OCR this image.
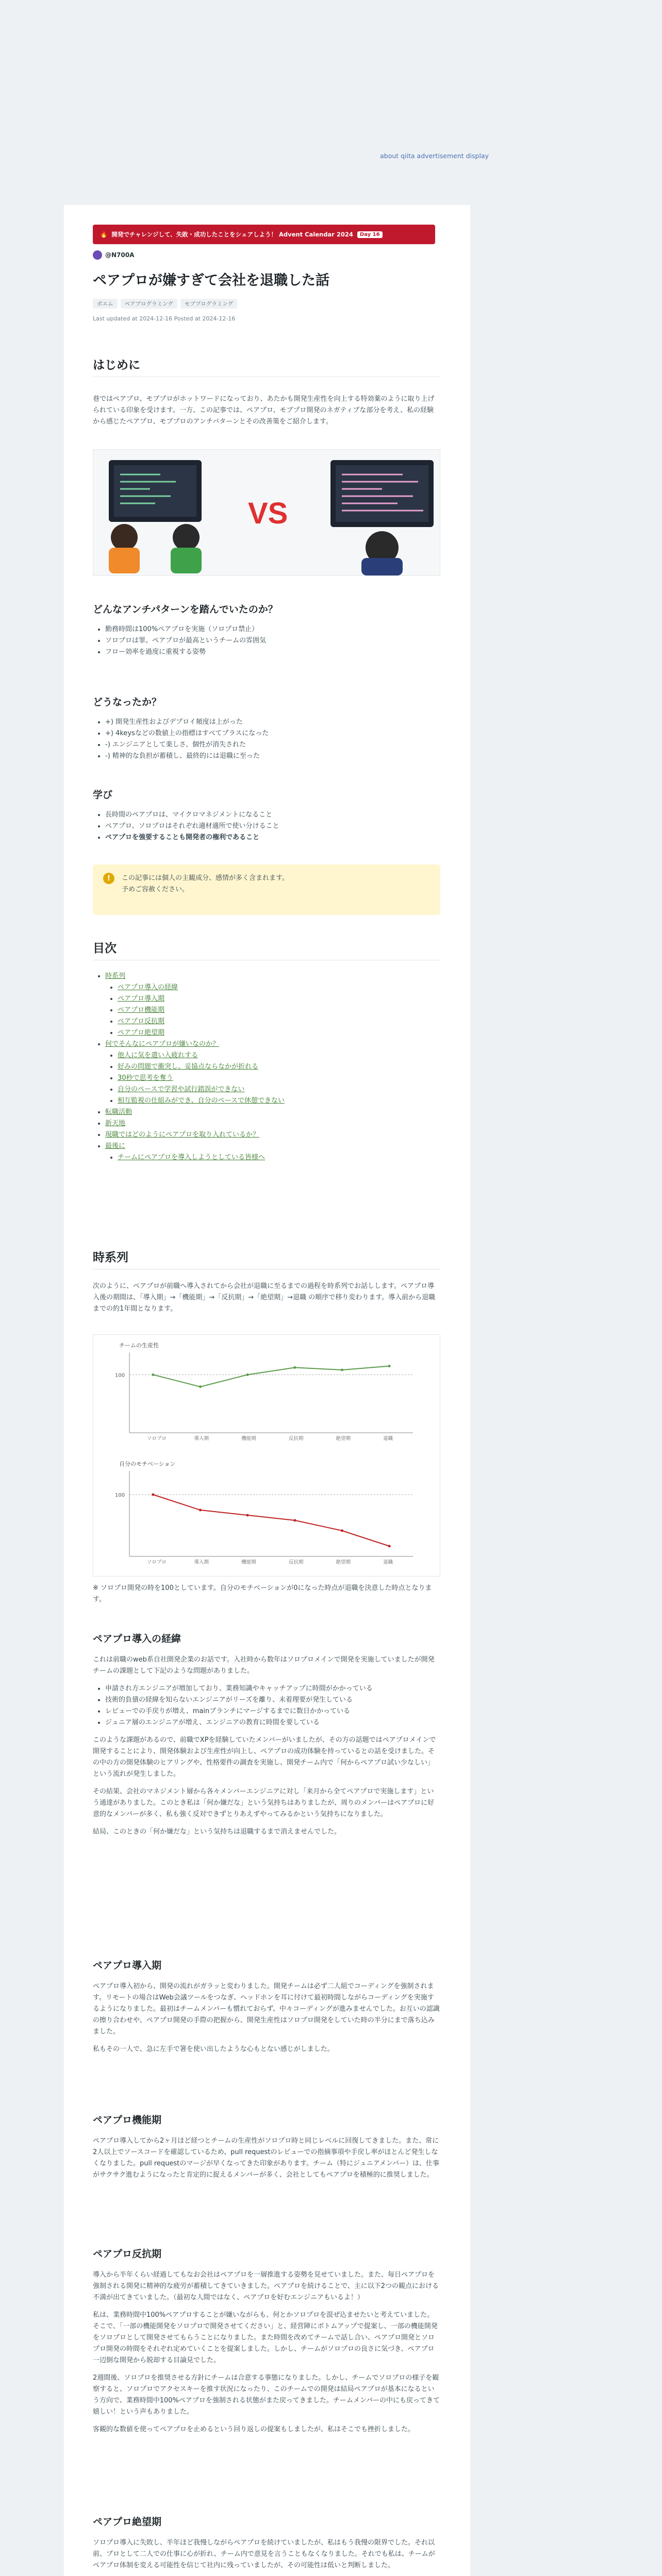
about qiita advertisement display
🔥 開発でチャレンジして、失敗・成功したことをシェアしよう！ Advent Calendar 2024	Day 16
@N700A
ペアプロが嫌すぎて会社を退職した話
ポエム	ペアプログラミング	モブプログラミング
Last updated at 2024-12-16 Posted at 2024-12-16
はじめに

巷ではペアプロ、モブプロがホットワードになっており、あたかも開発生産性を向上する特効薬のように取り上げられている印象を受けます。一方、この記事では、ペアプロ、モブプロ開発のネガティブな部分を考え、私の経験から感じたペアプロ、モブプロのアンチパターンとその改善策をご紹介します。

VS
どんなアンチパターンを踏んでいたのか？
• 勤務時間は100%ペアプロを実施（ソロプロ禁止）
• ソロプロは罪。ペアプロが最高というチームの雰囲気
• フロー効率を過度に重視する姿勢
どうなったか？
• +) 開発生産性およびデプロイ頻度は上がった
• +) 4keysなどの数値上の指標はすべてプラスになった
• -) エンジニアとして楽しさ、個性が消失された
• -) 精神的な負担が蓄積し、最終的には退職に至った
学び
• 長時間のペアプロは、マイクロマネジメントになること
• ペアプロ、ソロプロはそれぞれ適材適所で使い分けること
• ペアプロを強要することも開発者の権利であること
!	この記事には個人の主観成分、感情が多く含まれます。
予めご容赦ください。
目次
• 時系列
• ペアプロ導入の経緯
• ペアプロ導入期
• ペアプロ機能期
• ペアプロ反抗期
• ペアプロ絶望期
• 何でそんなにペアプロが嫌いなのか？
• 他人に気を遣い入疲れする
• 好みの問題で衝突し、妥協点ならなかが折れる
• 30秒で思考を奪う
• 自分のペースで学習や試行錯誤ができない
• 相互監視の仕組みができ、自分のペースで休憩できない
• 転職活動
• 新天地
• 現職ではどのようにペアプロを取り入れているか？
• 最後に
• チームにペアプロを導入しようとしている皆様へ
時系列

次のように、ペアプロが前職へ導入されてから会社が退職に至るまでの過程を時系列でお話しします。ペアプロ導入後の期間は、「導入期」→「機能期」→「反抗期」→「絶望期」→退職 の順序で移り変わります。導入前から退職までの約1年間となります。

チームの生産性
100
ソロプロ	導入期	機能期	反抗期	絶望期	退職
自分のモチベーション
100
ソロプロ	導入期	機能期	反抗期	絶望期	退職

※ ソロプロ開発の時を100としています。自分のモチベーションが0になった時点が退職を決意した時点となります。

ペアプロ導入の経緯

これは前職のweb系自社開発企業のお話です。入社時から数年はソロプロメインで開発を実施していましたが開発チームの課題として下記のような問題がありました。

• 申請され方エンジニアが増加しており、業務知識やキャッチアップに時間がかかっている
• 技術的負債の経緯を知らないエンジニアがリーズを離り、未着理要が発生している
• レビューでの手戻りが増え、mainブランチにマージするまでに数日かかっている
• ジュニア層のエンジニアが増え、エンジニアの教育に時間を要している

このような課題があるので、前職でXPを経験していたメンバーがいましたが、その方の話題ではペアプロメインで開発することにより、開発体験および生産性が向上し、ペアプロの成功体験を持っているとの話を受けました。その中の方の開発体験のヒアリングや、性格要件の調査を実施し、開発チーム内で「何からペアプロ試い少なしい」という流れが発生しました。

その結果、会社のマネジメント層から各々メンバーエンジニアに対し「来月から全てペアプロで実施します」という通達がありました。このとき私は「何か嫌だな」という気持ちはありましたが、周りのメンバーはペアプロに好意的なメンバーが多く、私も強く反対できずとりあえずやってみるかという気持ちになりました。

結局、このときの「何か嫌だな」という気持ちは退職するまで消えませんでした。

ペアプロ導入期

ペアプロ導入初から、開発の流れがガラッと変わりました。開発チームは必ず二人組でコーディングを強制されます。リモートの場合はWeb会議ツールをつなぎ、ヘッドホンを耳に付けて最初時間しながらコーディングを実施するようになりました。最初はチームメンバーも慣れておらず、中々コーディングが進みませんでした。お互いの認識の擦り合わせや、ペアプロ開発の手際の把握から、開発生産性はソロプロ開発をしていた時の半分にまで落ち込みました。

私もその一人で、急に左手で箸を使い出したような心もとない感じがしました。

ペアプロ機能期

ペアプロ導入してから2ヶ月ほど経つとチームの生産性がソロプロ時と同じレベルに回復してきました。また、常に2人以上でソースコードを確認しているため、pull requestのレビューでの指摘事項や手戻し率がほとんど発生しなくなりました。pull requestのマージが早くなってきた印象があります。チーム（特にジュニアメンバー）は、仕事がサクサク進むようになったと肯定的に捉えるメンバーが多く、会社としてもペアプロを積極的に推奨しました。

ペアプロ反抗期

導入から半年くらい経過してもなお会社はペアプロを一層推進する姿勢を見せていました。また、毎日ペアプロを強制される開発に精神的な疲労が蓄積してきていきました。ペアプロを続けることで、主に以下2つの観点における不満が出てきていました。（最初な人間ではなく、ペアプロを好むエンジニアもいるよ！）

私は、業務時間中100%ペアプロすることが嫌いながらも、何とかソロプロを混ぜ込ませたいと考えていました。そこで、「一部の機能開発をソロプロで開発させてください」と、経営陣にボトムアップで提案し、一部の機能開発をソロプロとして開発させてもらうことになりました。また時間を改めてチームで話し合い、ペアプロ開発とソロプロ開発の時間をそれぞれ定めていくことを提案しました。しかし、チームがソロプロの良さに気づき、ペアプロ一辺倒な開発から脱却する目論見でした。

2週間後、ソロプロを推奨させる方針にチームは合意する事態になりました。しかし、チームでソロプロの様子を観察すると、ソロプロでアクセスキーを推す状況になったり、このチームでの開発は結局ペアプロが基本になるという方向で、業務時間中100%ペアプロを強制される状態がまた戻ってきました。チームメンバーの中にも戻ってきて嬉しい！という声もありました。

客観的な数値を使ってペアプロを止めるという回り返しの提案もしましたが、私はそこでも挫折しました。

ペアプロ絶望期

ソロプロ導入に失敗し、半年ほど我慢しながらペアプロを続けていましたが、私はもう我慢の限界でした。それ以前、プロとして二人での仕事に心が折れ、チーム内で意見を言うこともなくなりました。それでも私は、チームがペアプロ体制を変える可能性を信じて社内に残っていましたが、その可能性は低いと判断しました。
